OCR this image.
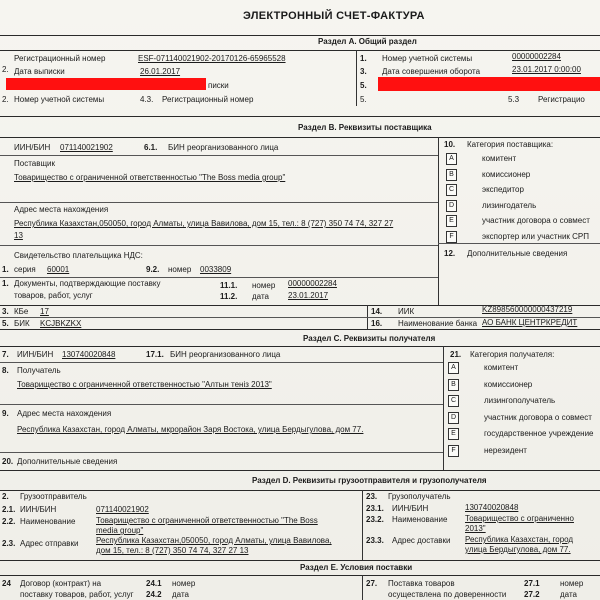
ЭЛЕКТРОННЫЙ СЧЕТ-ФАКТУРА
Раздел A. Общий раздел
Регистрационный номер	ESF-071140021902-20170126-65965528
2. Дата выписки	26.01.2017
писки
2. Номер учетной системы	4.3. Регистрационный номер
1. Номер учетной системы	00000002284
3. Дата совершения оборота	23.01.2017 0:00:00
5.
5.	5.3 Регистрацио
Раздел B. Реквизиты поставщика
ИИН/БИН 071140021902	6.1. БИН реорганизованного лица
Поставщик
Товарищество с ограниченной ответственностью "The Boss media group"
Адрес места нахождения
Республика Казахстан,050050, город Алматы, улица Вавилова, дом 15, тел.: 8 (727) 350 74 74, 327 27
13
Свидетельство плательщика НДС:
1. серия 60001	9.2. номер 0033809
1. Документы, подтверждающие поставку
товаров, работ, услуг
11.1. номер 00000002284
11.2. дата 23.01.2017
3. КБе 17
5. БИК KCJBKZKX
14. ИИК	KZ898560000000437219
16. Наименование банка АО БАНК ЦЕНТРКРЕДИТ
10. Категория поставщика:
12. Дополнительные сведения
Раздел C. Реквизиты получателя
7. ИИН/БИН 130740020848	17.1. БИН реорганизованного лица
8. Получатель
Товарищество с ограниченной ответственностью "Алтын тенiз 2013"
9. Адрес места нахождения
Республика Казахстан, город Алматы, мкрорайон Заря Востока, улица Бердыгулова, дом 77.
20. Дополнительные сведения
21. Категория получателя:
Раздел D. Реквизиты грузоотправителя и грузополучателя
2. Грузоотправитель
2.1. ИИН/БИН	071140021902
2.2. Наименование	Товарищество с ограниченной ответственностью "The Boss
media group"
2.3. Адрес отправки Республика Казахстан,050050, город Алматы, улица Вавилова,
дом 15, тел.: 8 (727) 350 74 74, 327 27 13
23. Грузополучатель
23.1. ИИН/БИН	130740020848
23.2. Наименование Товарищество с ограниченно
2013"
23.3. Адрес доставки Республика Казахстан, город
улица Бердыгулова, дом 77.
Раздел E. Условия поставки
24 Договор (контракт) на
поставку товаров, работ, услуг
24.1 номер
24.2 дата
27. Поставка товаров
осуществлена по доверенности
27.1	номер
27.2	дата
A	комитент
B	комиссионер
C	экспедитор
D	лизингодатель
E	участник договора о совмест
F	экспортер или участник СРП
A	комитент
B	комиссионер
C	лизингополучатель
D	участник договора о совмест
E	государственное учреждение
F	нерезидент
